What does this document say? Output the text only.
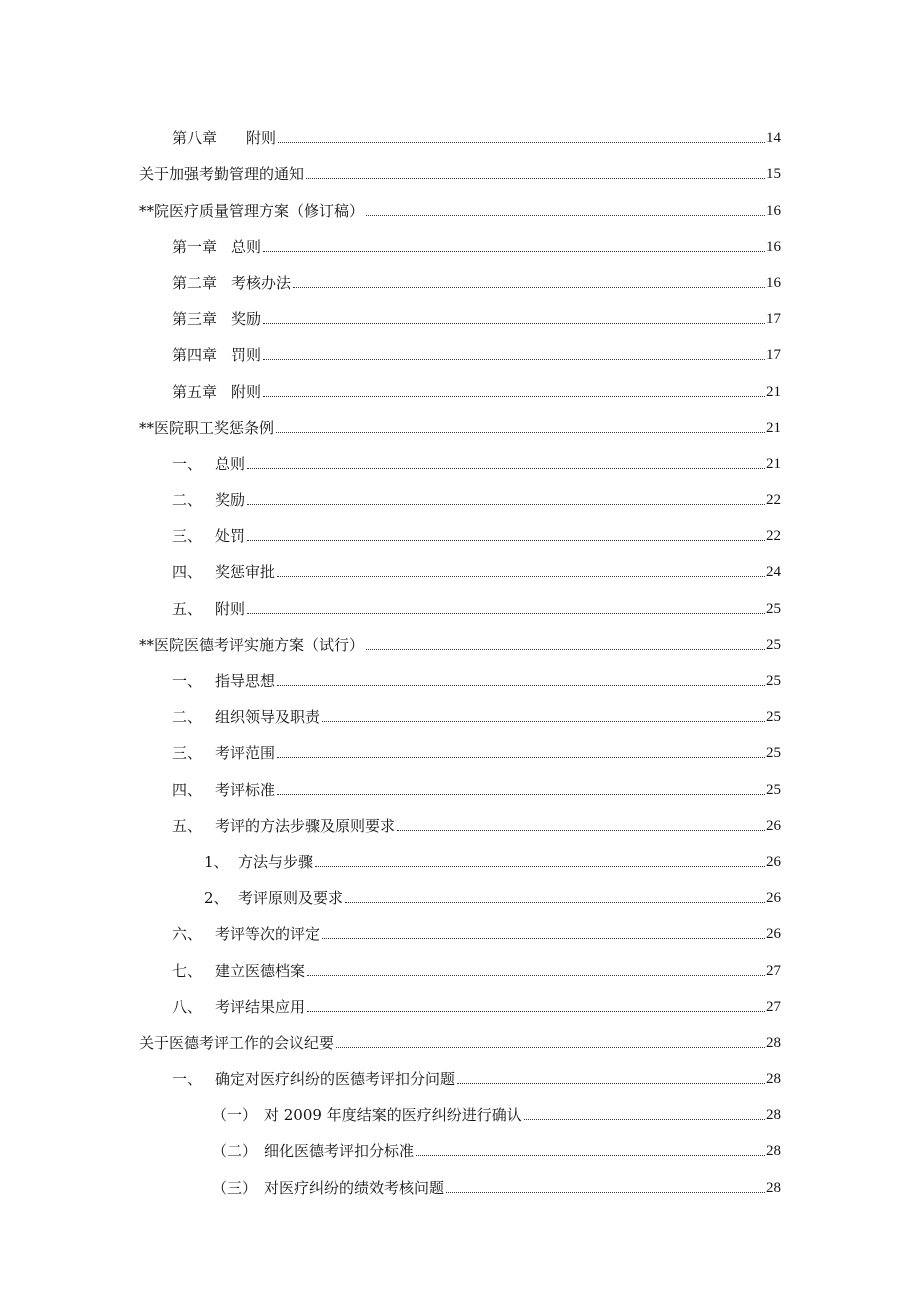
第八章	附则	14
关于加强考勤管理的通知	15
**院医疗质量管理方案（修订稿）	16
第一章 总则	16
第二章 考核办法	16
第三章 奖励	17
第四章 罚则	17
第五章 附则	21
**医院职工奖惩条例	21
一、 总则	21
二、 奖励	22
三、 处罚	22
四、 奖惩审批	24
五、 附则	25
**医院医德考评实施方案（试行）	25
一、 指导思想	25
二、 组织领导及职责	25
三、 考评范围	25
四、 考评标准	25
五、 考评的方法步骤及原则要求	26
1、 方法与步骤	26
2、 考评原则及要求	26
六、 考评等次的评定	26
七、 建立医德档案	27
八、 考评结果应用	27
关于医德考评工作的会议纪要	28
一、 确定对医疗纠纷的医德考评扣分问题	28
（一） 对 2009 年度结案的医疗纠纷进行确认	28
（二） 细化医德考评扣分标准	28
（三） 对医疗纠纷的绩效考核问题	28
